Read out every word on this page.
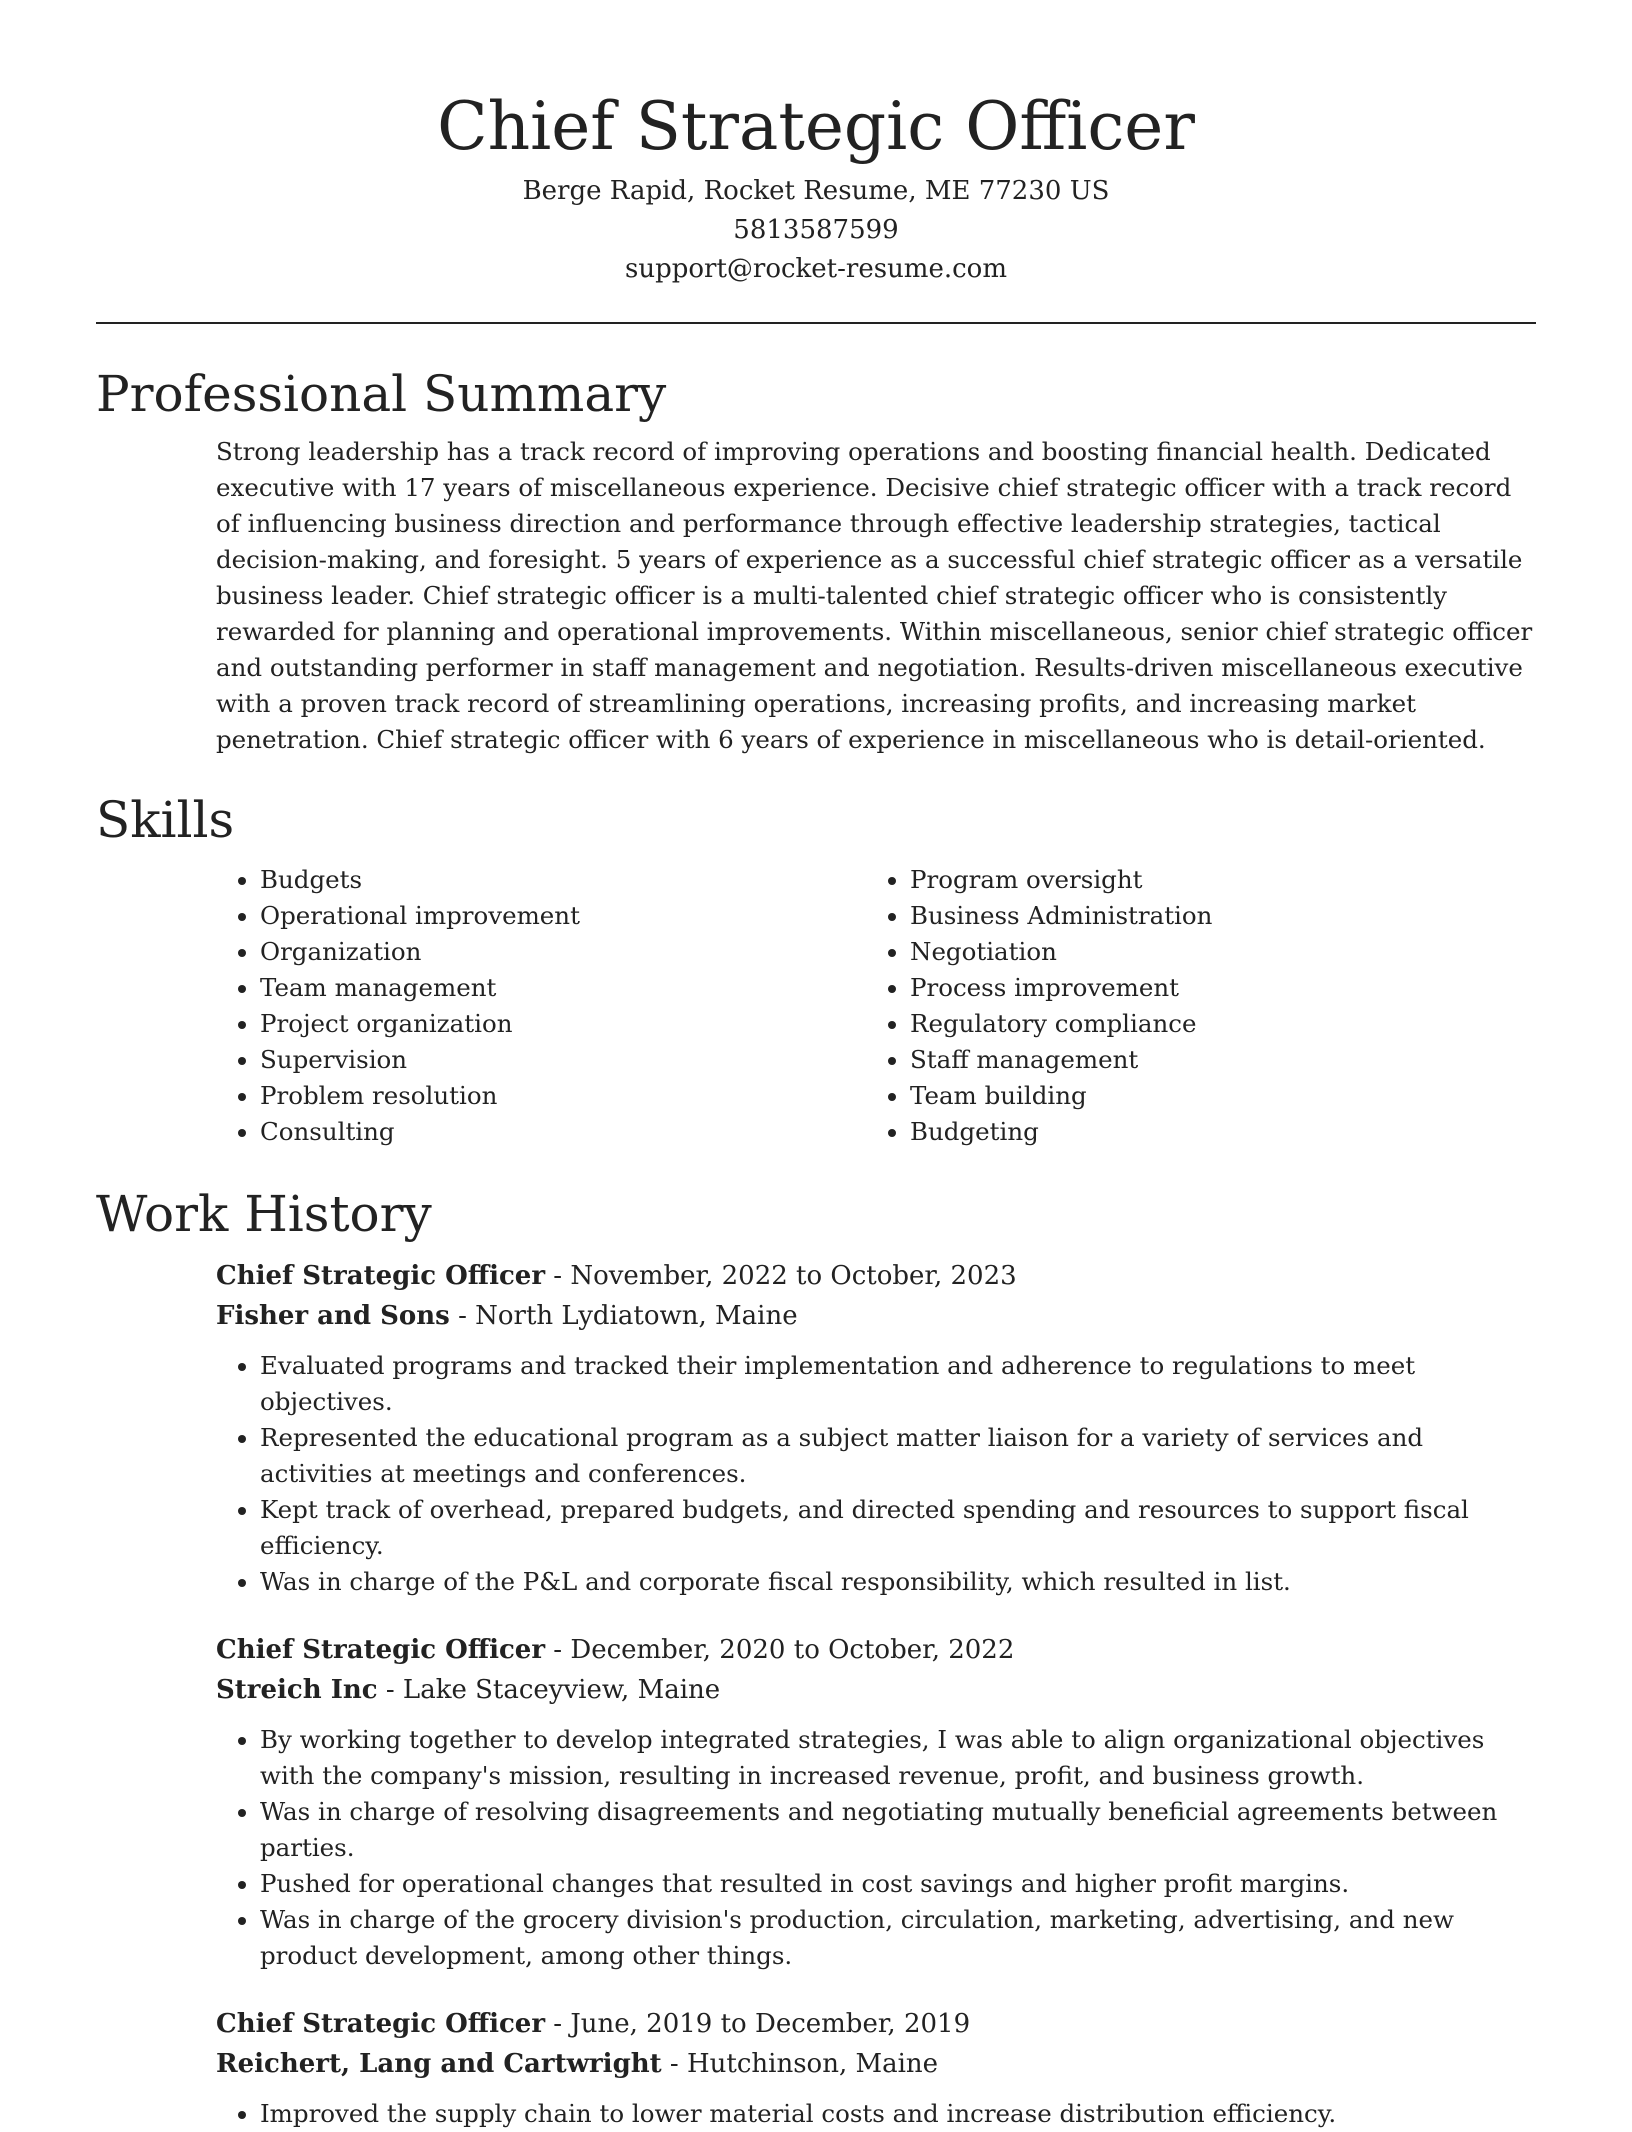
Chief Strategic Officer

Berge Rapid, Rocket Resume, ME 77230 US

5813587599

support@rocket-resume.com

Professional Summary

Strong leadership has a track record of improving operations and boosting financial health. Dedicated executive with 17 years of miscellaneous experience. Decisive chief strategic officer with a track record of influencing business direction and performance through effective leadership strategies, tactical decision-making, and foresight. 5 years of experience as a successful chief strategic officer as a versatile business leader. Chief strategic officer is a multi-talented chief strategic officer who is consistently rewarded for planning and operational improvements. Within miscellaneous, senior chief strategic officer and outstanding performer in staff management and negotiation. Results-driven miscellaneous executive with a proven track record of streamlining operations, increasing profits, and increasing market penetration. Chief strategic officer with 6 years of experience in miscellaneous who is detail-oriented.

Skills
• Budgets
• Operational improvement
• Organization
• Team management
• Project organization
• Supervision
• Problem resolution
• Consulting
• Program oversight
• Business Administration
• Negotiation
• Process improvement
• Regulatory compliance
• Staff management
• Team building
• Budgeting
Work History

Chief Strategic Officer - November, 2022 to October, 2023

Fisher and Sons - North Lydiatown, Maine

• Evaluated programs and tracked their implementation and adherence to regulations to meet objectives.
• Represented the educational program as a subject matter liaison for a variety of services and activities at meetings and conferences.
• Kept track of overhead, prepared budgets, and directed spending and resources to support fiscal efficiency.
• Was in charge of the P&L and corporate fiscal responsibility, which resulted in list.

Chief Strategic Officer - December, 2020 to October, 2022

Streich Inc - Lake Staceyview, Maine

• By working together to develop integrated strategies, I was able to align organizational objectives with the company's mission, resulting in increased revenue, profit, and business growth.
• Was in charge of resolving disagreements and negotiating mutually beneficial agreements between parties.
• Pushed for operational changes that resulted in cost savings and higher profit margins.
• Was in charge of the grocery division's production, circulation, marketing, advertising, and new product development, among other things.

Chief Strategic Officer - June, 2019 to December, 2019

Reichert, Lang and Cartwright - Hutchinson, Maine

• Improved the supply chain to lower material costs and increase distribution efficiency.
